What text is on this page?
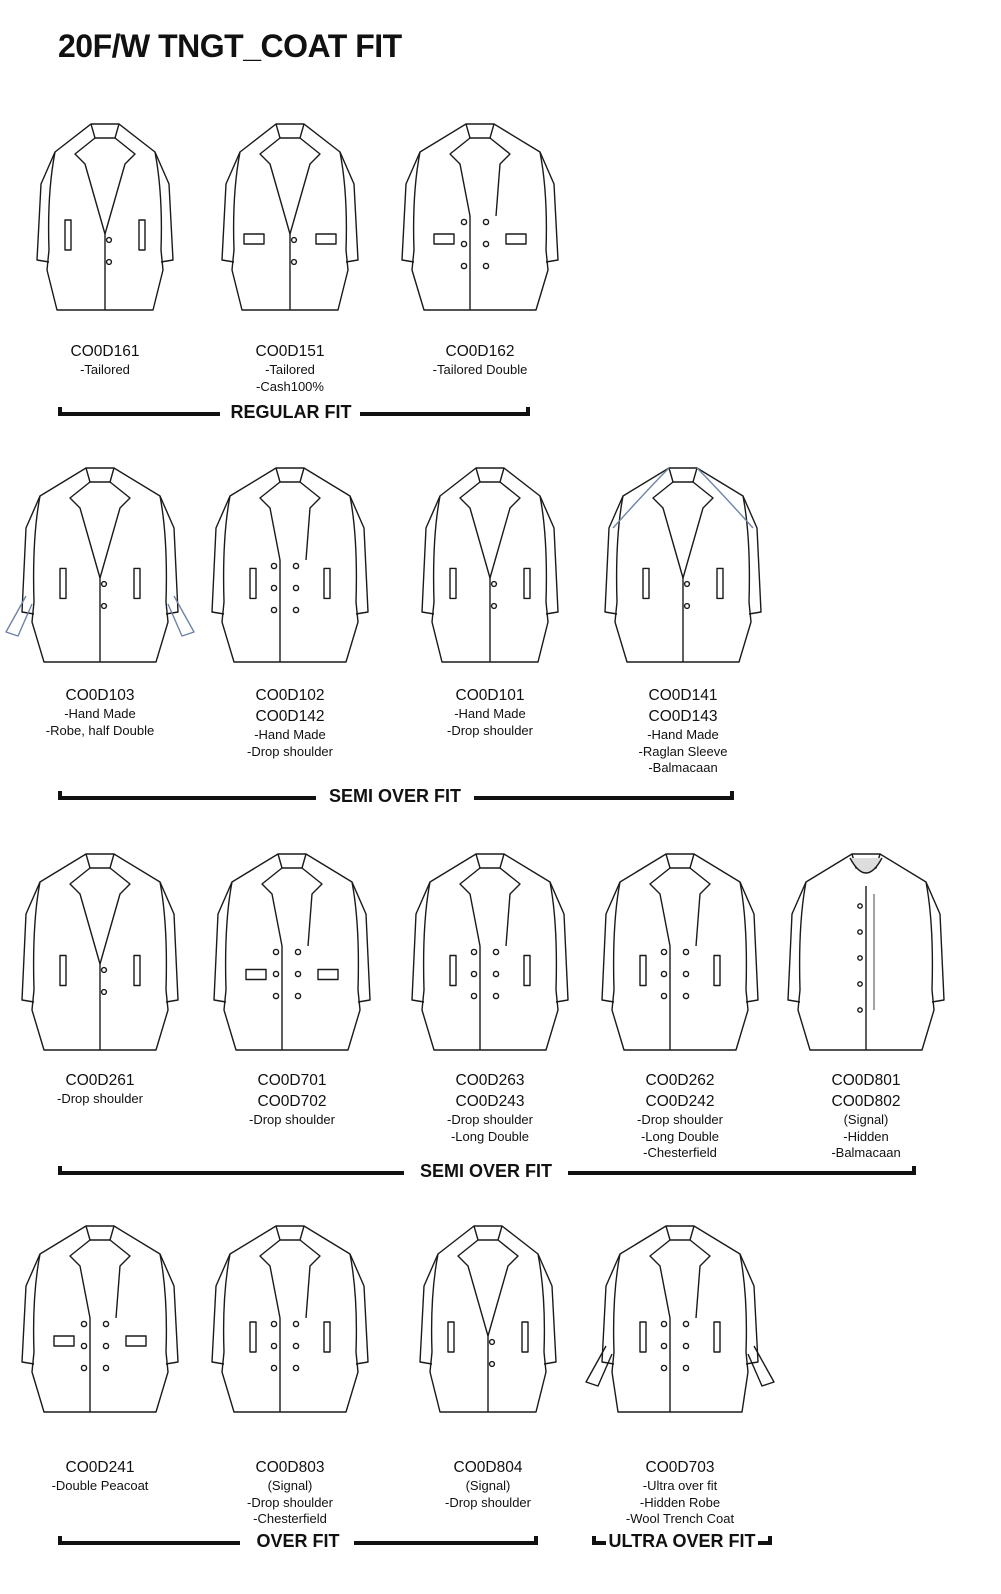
20F/W TNGT_COAT FIT
CO0D161
-Tailored
CO0D151
-Tailored
-Cash100%
CO0D162
-Tailored Double
CO0D103
-Hand Made
-Robe, half Double
CO0D102
CO0D142
-Hand Made
-Drop shoulder
CO0D101
-Hand Made
-Drop shoulder
CO0D141
CO0D143
-Hand Made
-Raglan Sleeve
-Balmacaan
CO0D261
-Drop shoulder
CO0D701
CO0D702
-Drop shoulder
CO0D263
CO0D243
-Drop shoulder
-Long Double
CO0D262
CO0D242
-Drop shoulder
-Long Double
-Chesterfield
CO0D801
CO0D802
(Signal)
-Hidden
-Balmacaan
CO0D241
-Double Peacoat
CO0D803
(Signal)
-Drop shoulder
-Chesterfield
CO0D804
(Signal)
-Drop shoulder
CO0D703
-Ultra over fit
-Hidden Robe
-Wool Trench Coat
REGULAR FIT
SEMI OVER FIT
SEMI OVER FIT
OVER FIT	ULTRA OVER FIT
